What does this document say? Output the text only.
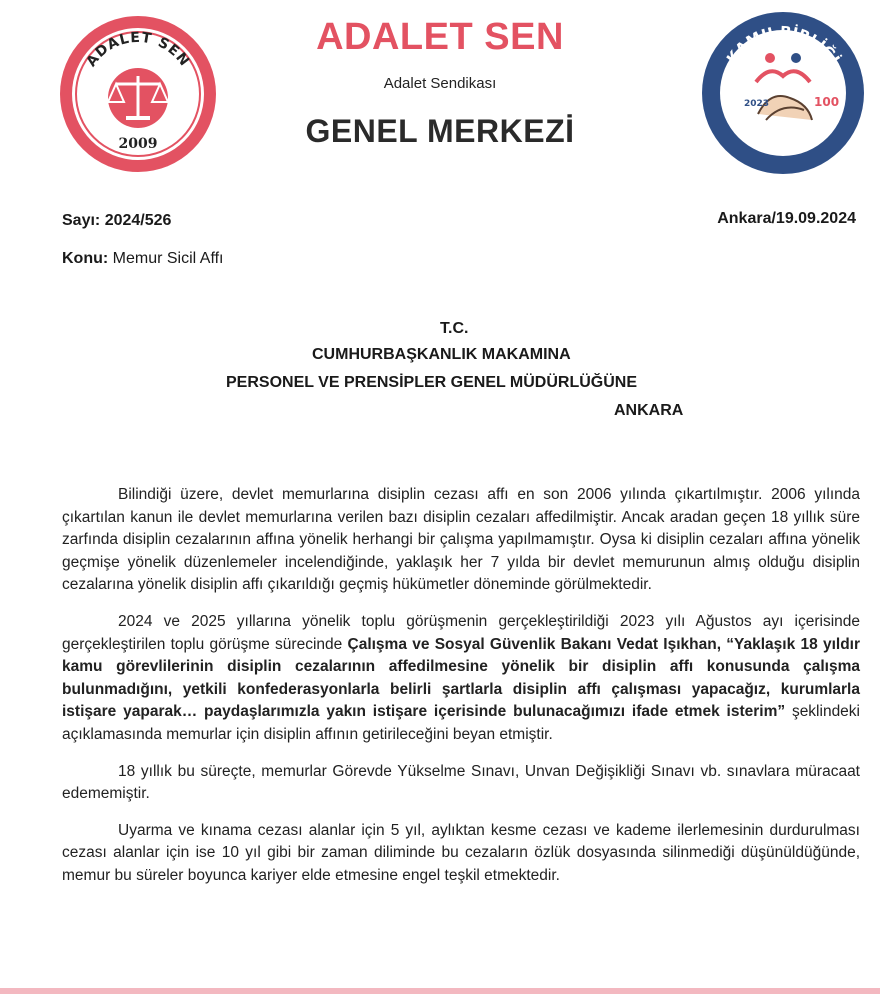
ADALET SEN
2009
KAMU BİRLİĞİ
KONFEDERASYONU
2023	100
ADALET SEN
Adalet Sendikası
GENEL MERKEZİ
Sayı: 2024/526	Ankara/19.09.2024
Konu: Memur Sicil Affı
T.C.
CUMHURBAŞKANLIK MAKAMINA
PERSONEL VE PRENSİPLER GENEL MÜDÜRLÜĞÜNE
ANKARA

Bilindiği üzere, devlet memurlarına disiplin cezası affı en son 2006 yılında çıkartılmıştır. 2006 yılında çıkartılan kanun ile devlet memurlarına verilen bazı disiplin cezaları affedilmiştir. Ancak aradan geçen 18 yıllık süre zarfında disiplin cezalarının affına yönelik herhangi bir çalışma yapılmamıştır. Oysa ki disiplin cezaları affına yönelik geçmişe yönelik düzenlemeler incelendiğinde, yaklaşık her 7 yılda bir devlet memurunun almış olduğu disiplin cezalarına yönelik disiplin affı çıkarıldığı geçmiş hükümetler döneminde görülmektedir.

2024 ve 2025 yıllarına yönelik toplu görüşmenin gerçekleştirildiği 2023 yılı Ağustos ayı içerisinde gerçekleştirilen toplu görüşme sürecinde Çalışma ve Sosyal Güvenlik Bakanı Vedat Işıkhan, “Yaklaşık 18 yıldır kamu görevlilerinin disiplin cezalarının affedilmesine yönelik bir disiplin affı konusunda çalışma bulunmadığını, yetkili konfederasyonlarla belirli şartlarla disiplin affı çalışması yapacağız, kurumlarla istişare yaparak… paydaşlarımızla yakın istişare içerisinde bulunacağımızı ifade etmek isterim” şeklindeki açıklamasında memurlar için disiplin affının getirileceğini beyan etmiştir.

18 yıllık bu süreçte, memurlar Görevde Yükselme Sınavı, Unvan Değişikliği Sınavı vb. sınavlara müracaat edememiştir.

Uyarma ve kınama cezası alanlar için 5 yıl, aylıktan kesme cezası ve kademe ilerlemesinin durdurulması cezası alanlar için ise 10 yıl gibi bir zaman diliminde bu cezaların özlük dosyasında silinmediği düşünüldüğünde, memur bu süreler boyunca kariyer elde etmesine engel teşkil etmektedir.
